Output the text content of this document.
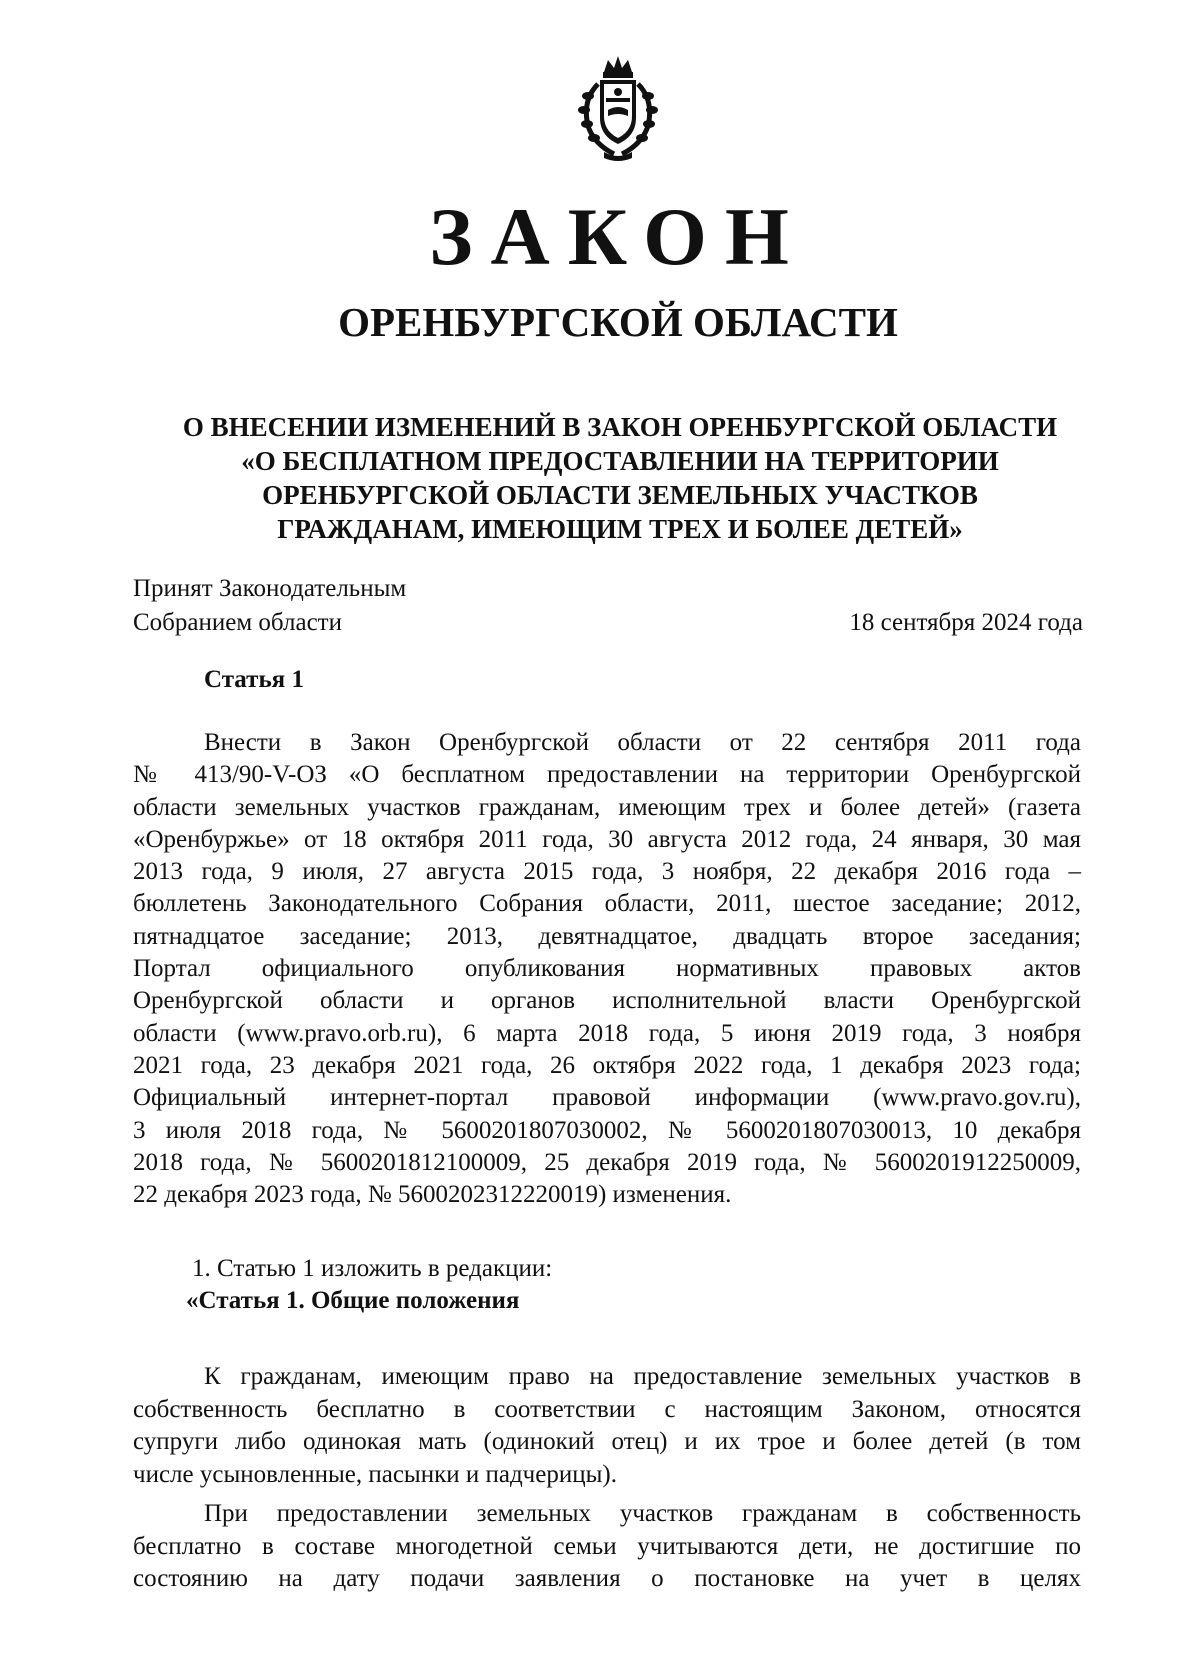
ЗАКОН
ОРЕНБУРГСКОЙ ОБЛАСТИ
О ВНЕСЕНИИ ИЗМЕНЕНИЙ В ЗАКОН ОРЕНБУРГСКОЙ ОБЛАСТИ
«О БЕСПЛАТНОМ ПРЕДОСТАВЛЕНИИ НА ТЕРРИТОРИИ
ОРЕНБУРГСКОЙ ОБЛАСТИ ЗЕМЕЛЬНЫХ УЧАСТКОВ
ГРАЖДАНАМ, ИМЕЮЩИМ ТРЕХ И БОЛЕЕ ДЕТЕЙ»
Принят Законодательным
Собранием области	18 сентября 2024 года
Статья 1
Внести в Закон Оренбургской области от 22 сентября 2011 года
№ 413/90-V-ОЗ «О бесплатном предоставлении на территории Оренбургской
области земельных участков гражданам, имеющим трех и более детей» (газета
«Оренбуржье» от 18 октября 2011 года, 30 августа 2012 года, 24 января, 30 мая
2013 года, 9 июля, 27 августа 2015 года, 3 ноября, 22 декабря 2016 года –
бюллетень Законодательного Собрания области, 2011, шестое заседание; 2012,
пятнадцатое заседание; 2013, девятнадцатое, двадцать второе заседания;
Портал официального опубликования нормативных правовых актов
Оренбургской области и органов исполнительной власти Оренбургской
области (www.pravo.orb.ru), 6 марта 2018 года, 5 июня 2019 года, 3 ноября
2021 года, 23 декабря 2021 года, 26 октября 2022 года, 1 декабря 2023 года;
Официальный интернет-портал правовой информации (www.pravo.gov.ru),
3 июля 2018 года, № 5600201807030002, № 5600201807030013, 10 декабря
2018 года, № 5600201812100009, 25 декабря 2019 года, № 5600201912250009,
22 декабря 2023 года, № 5600202312220019) изменения.
1. Статью 1 изложить в редакции:
«Статья 1. Общие положения
К гражданам, имеющим право на предоставление земельных участков в
собственность бесплатно в соответствии с настоящим Законом, относятся
супруги либо одинокая мать (одинокий отец) и их трое и более детей (в том
числе усыновленные, пасынки и падчерицы).
При предоставлении земельных участков гражданам в собственность
бесплатно в составе многодетной семьи учитываются дети, не достигшие по
состоянию на дату подачи заявления о постановке на учет в целях
